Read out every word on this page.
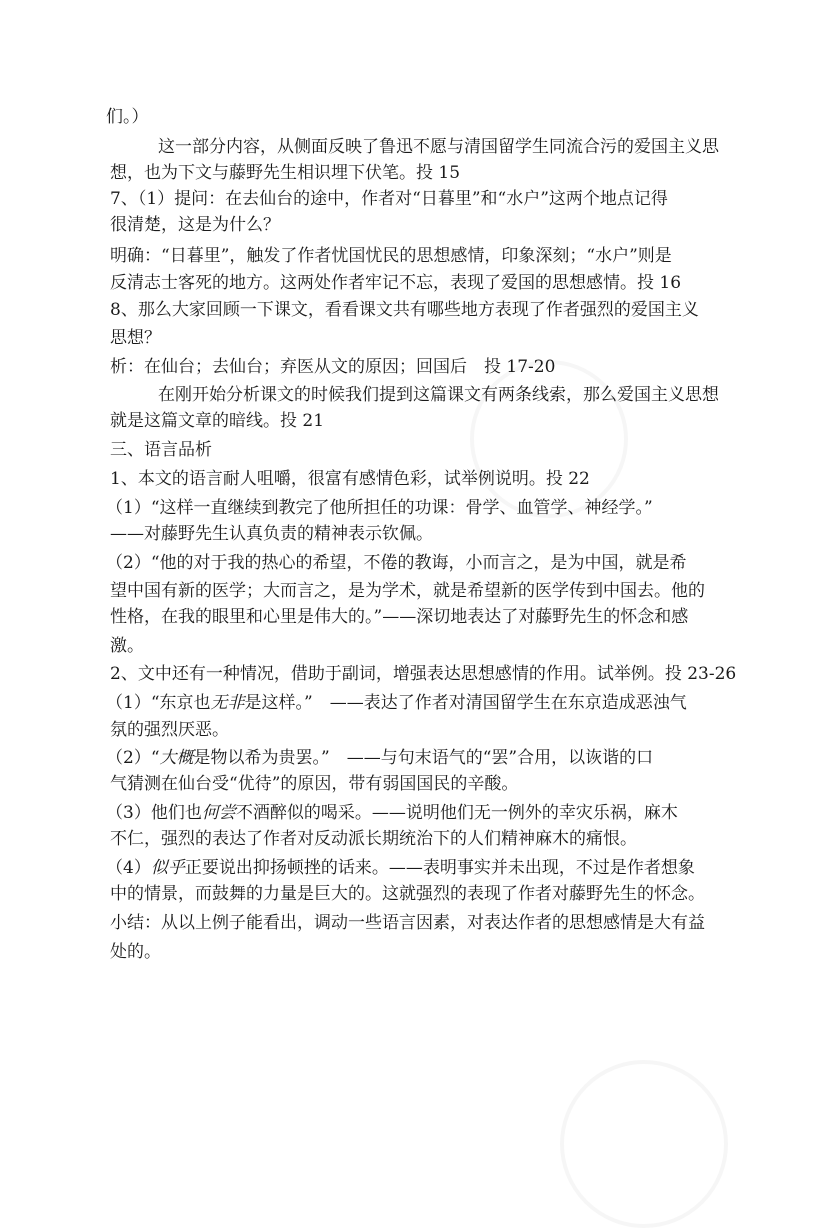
们。）
这一部分内容，从侧面反映了鲁迅不愿与清国留学生同流合污的爱国主义思
想，也为下文与藤野先生相识埋下伏笔。投 15
7、（1）提问：在去仙台的途中，作者对“日暮里”和“水户”这两个地点记得
很清楚，这是为什么？
明确：“日暮里”，触发了作者忧国忧民的思想感情，印象深刻；“水户”则是
反清志士客死的地方。这两处作者牢记不忘，表现了爱国的思想感情。投 16
8、那么大家回顾一下课文，看看课文共有哪些地方表现了作者强烈的爱国主义
思想？
析：在仙台；去仙台；弃医从文的原因；回国后　投 17-20
在刚开始分析课文的时候我们提到这篇课文有两条线索，那么爱国主义思想
就是这篇文章的暗线。投 21
三、语言品析
1、本文的语言耐人咀嚼，很富有感情色彩，试举例说明。投 22
（1）“这样一直继续到教完了他所担任的功课：骨学、血管学、神经学。”
——对藤野先生认真负责的精神表示钦佩。
（2）“他的对于我的热心的希望，不倦的教诲，小而言之，是为中国，就是希
望中国有新的医学；大而言之，是为学术，就是希望新的医学传到中国去。他的
性格，在我的眼里和心里是伟大的。”——深切地表达了对藤野先生的怀念和感
激。
2、文中还有一种情况，借助于副词，增强表达思想感情的作用。试举例。投 23-26
（1）“东京也无非是这样。”　——表达了作者对清国留学生在东京造成恶浊气
氛的强烈厌恶。
（2）“大概是物以希为贵罢。”　——与句末语气的“罢”合用，以诙谐的口
气猜测在仙台受“优待”的原因，带有弱国国民的辛酸。
（3）他们也何尝不酒醉似的喝采。——说明他们无一例外的幸灾乐祸，麻木
不仁，强烈的表达了作者对反动派长期统治下的人们精神麻木的痛恨。
（4）似乎正要说出抑扬顿挫的话来。——表明事实并未出现，不过是作者想象
中的情景，而鼓舞的力量是巨大的。这就强烈的表现了作者对藤野先生的怀念。
小结：从以上例子能看出，调动一些语言因素，对表达作者的思想感情是大有益
处的。
